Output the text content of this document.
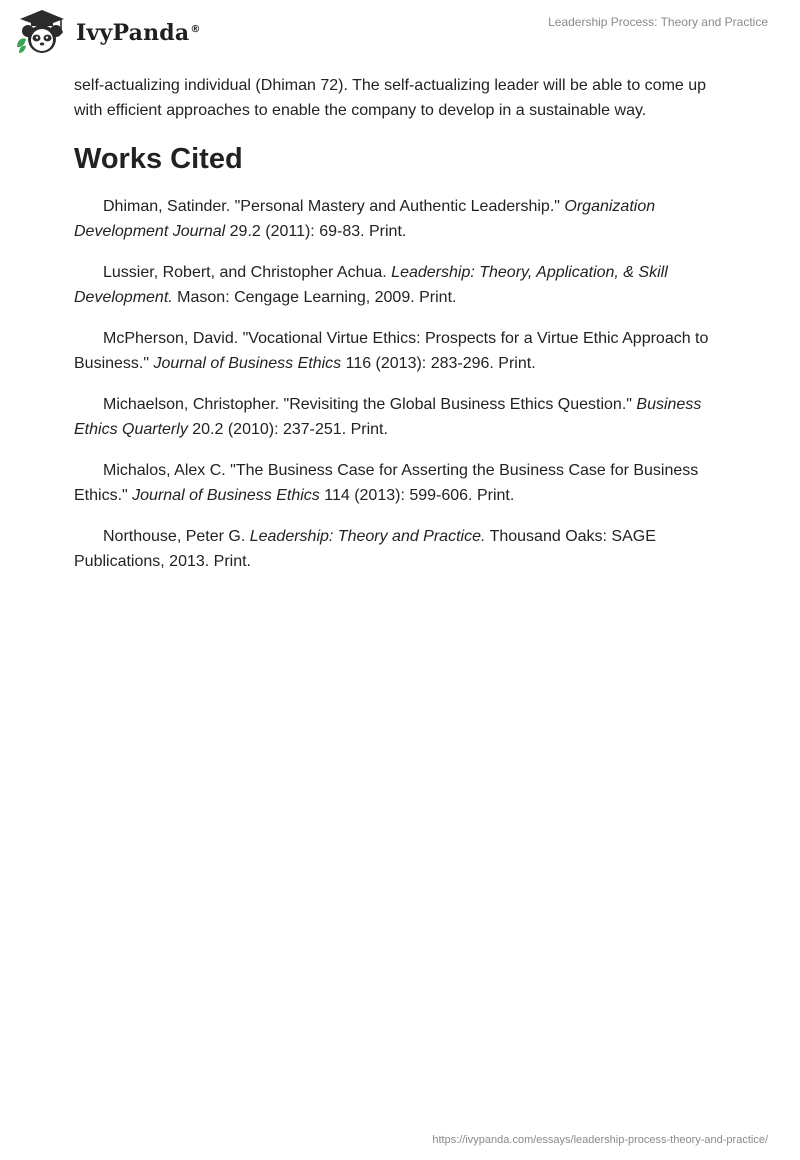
IvyPanda®
Leadership Process: Theory and Practice

self-actualizing individual (Dhiman 72). The self-actualizing leader will be able to come up with efficient approaches to enable the company to develop in a sustainable way.

Works Cited

Dhiman, Satinder. "Personal Mastery and Authentic Leadership." Organization Development Journal 29.2 (2011): 69-83. Print.

Lussier, Robert, and Christopher Achua. Leadership: Theory, Application, & Skill Development. Mason: Cengage Learning, 2009. Print.

McPherson, David. "Vocational Virtue Ethics: Prospects for a Virtue Ethic Approach to Business." Journal of Business Ethics 116 (2013): 283-296. Print.

Michaelson, Christopher. "Revisiting the Global Business Ethics Question." Business Ethics Quarterly 20.2 (2010): 237-251. Print.

Michalos, Alex C. "The Business Case for Asserting the Business Case for Business Ethics." Journal of Business Ethics 114 (2013): 599-606. Print.

Northouse, Peter G. Leadership: Theory and Practice. Thousand Oaks: SAGE Publications, 2013. Print.

https://ivypanda.com/essays/leadership-process-theory-and-practice/
